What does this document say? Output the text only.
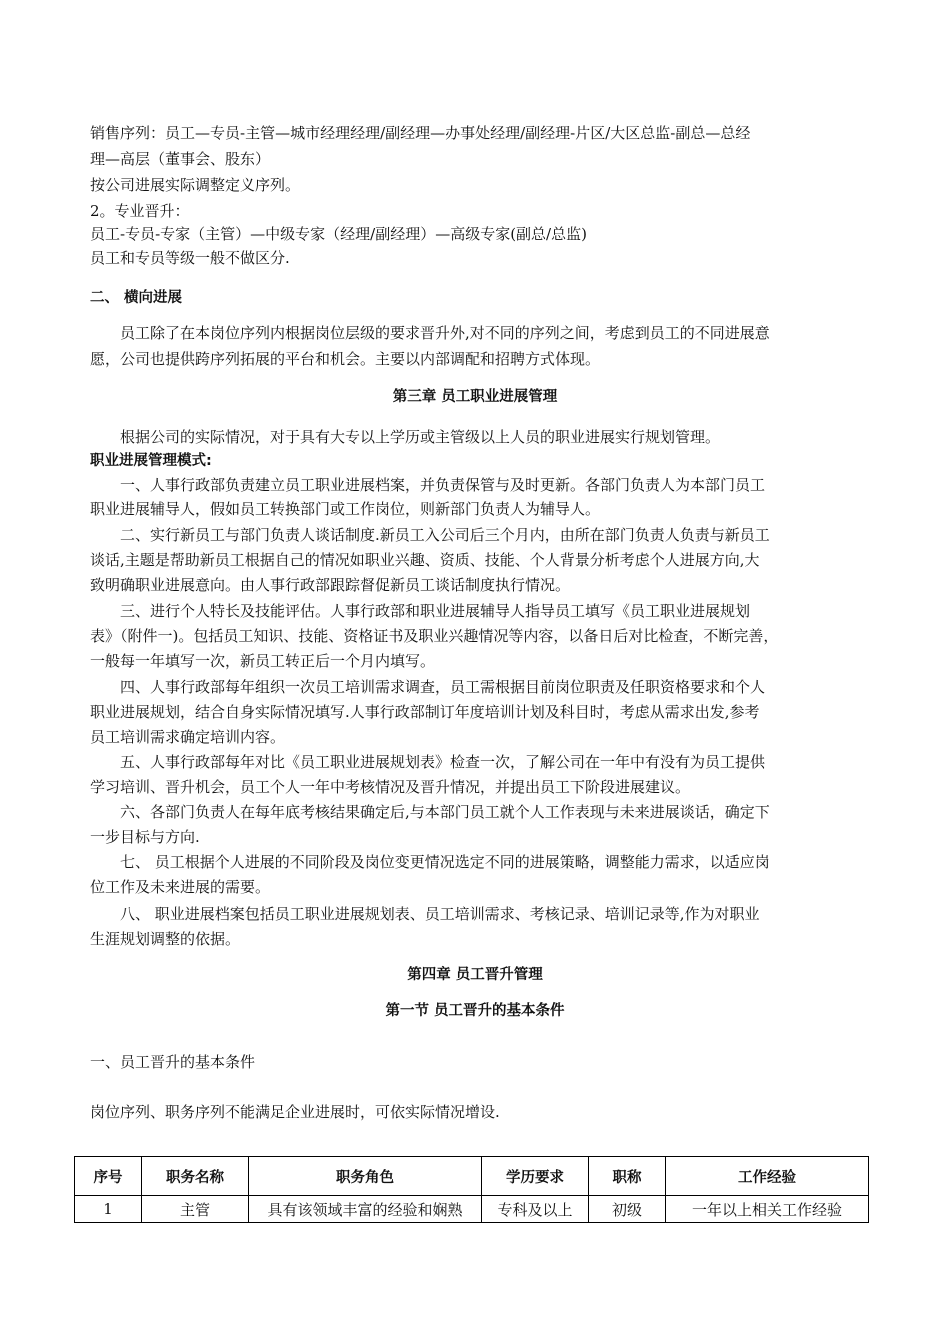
销售序列：员工—专员-主管—城市经理经理/副经理—办事处经理/副经理-片区/大区总监-副总—总经
理—高层（董事会、股东）
按公司进展实际调整定义序列。
2。专业晋升：
员工-专员-专家（主管）—中级专家（经理/副经理）—高级专家(副总/总监)
员工和专员等级一般不做区分.
二、 横向进展
员工除了在本岗位序列内根据岗位层级的要求晋升外,对不同的序列之间，考虑到员工的不同进展意
愿，公司也提供跨序列拓展的平台和机会。主要以内部调配和招聘方式体现。
第三章 员工职业进展管理
根据公司的实际情况，对于具有大专以上学历或主管级以上人员的职业进展实行规划管理。
职业进展管理模式:
一、人事行政部负责建立员工职业进展档案，并负责保管与及时更新。各部门负责人为本部门员工
职业进展辅导人，假如员工转换部门或工作岗位，则新部门负责人为辅导人。
二、实行新员工与部门负责人谈话制度.新员工入公司后三个月内，由所在部门负责人负责与新员工
谈话,主题是帮助新员工根据自己的情况如职业兴趣、资质、技能、个人背景分析考虑个人进展方向,大
致明确职业进展意向。由人事行政部跟踪督促新员工谈话制度执行情况。
三、进行个人特长及技能评估。人事行政部和职业进展辅导人指导员工填写《员工职业进展规划
表》（附件一)。包括员工知识、技能、资格证书及职业兴趣情况等内容，以备日后对比检查，不断完善，
一般每一年填写一次，新员工转正后一个月内填写。
四、人事行政部每年组织一次员工培训需求调查，员工需根据目前岗位职责及任职资格要求和个人
职业进展规划，结合自身实际情况填写.人事行政部制订年度培训计划及科目时，考虑从需求出发,参考
员工培训需求确定培训内容。
五、人事行政部每年对比《员工职业进展规划表》检查一次，了解公司在一年中有没有为员工提供
学习培训、晋升机会，员工个人一年中考核情况及晋升情况，并提出员工下阶段进展建议。
六、各部门负责人在每年底考核结果确定后,与本部门员工就个人工作表现与未来进展谈话，确定下
一步目标与方向.
七、 员工根据个人进展的不同阶段及岗位变更情况选定不同的进展策略，调整能力需求，以适应岗
位工作及未来进展的需要。
八、 职业进展档案包括员工职业进展规划表、员工培训需求、考核记录、培训记录等,作为对职业
生涯规划调整的依据。
第四章 员工晋升管理
第一节 员工晋升的基本条件
一、员工晋升的基本条件
岗位序列、职务序列不能满足企业进展时，可依实际情况增设.
序号	职务名称	职务角色	学历要求	职称	工作经验
1	主管	具有该领域丰富的经验和娴熟	专科及以上	初级	一年以上相关工作经验
